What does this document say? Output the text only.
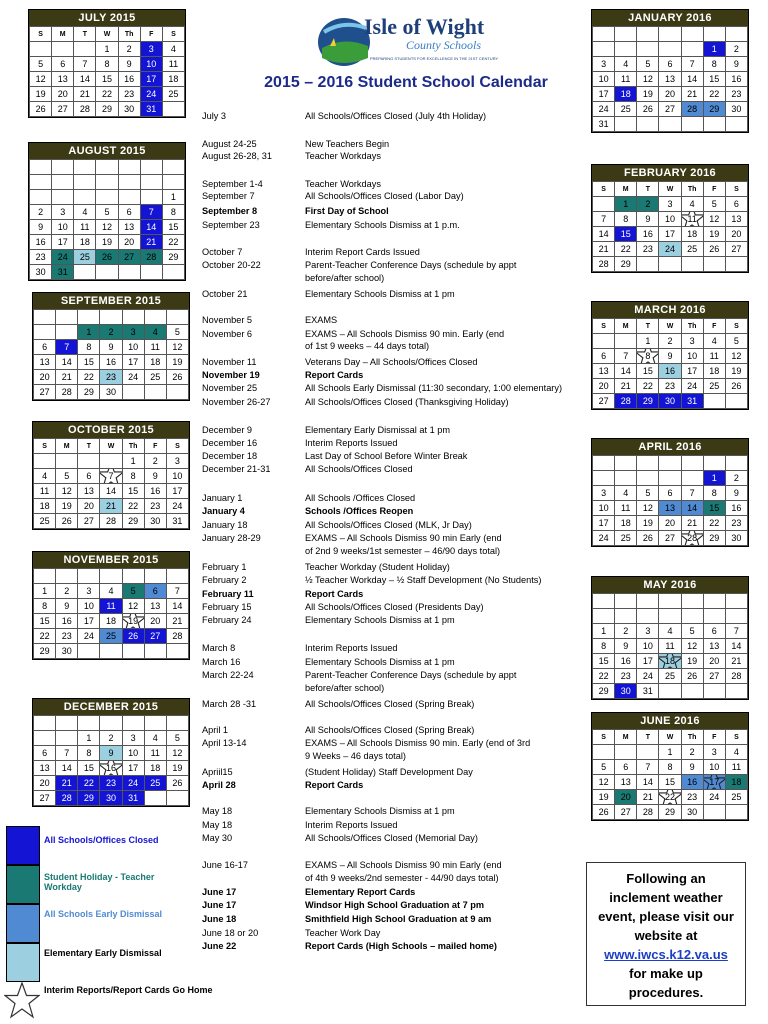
JULY 2015
S	M	T	W	Th	F	S
			1	2	3	4
5	6	7	8	9	10	11
12	13	14	15	16	17	18
19	20	21	22	23	24	25
26	27	28	29	30	31	
AUGUST 2015

						1
2	3	4	5	6	7	8
9	10	11	12	13	14	15
16	17	18	19	20	21	22
23	24	25	26	27	28	29
30	31					
SEPTEMBER 2015

		1	2	3	4	5
6	7	8	9	10	11	12
13	14	15	16	17	18	19
20	21	22	23	24	25	26
27	28	29	30			
OCTOBER 2015
S	M	T	W	Th	F	S
				1	2	3
4	5	6	7	8	9	10
11	12	13	14	15	16	17
18	19	20	21	22	23	24
25	26	27	28	29	30	31
NOVEMBER 2015

1	2	3	4	5	6	7
8	9	10	11	12	13	14
15	16	17	18	19	20	21
22	23	24	25	26	27	28
29	30					
DECEMBER 2015

		1	2	3	4	5
6	7	8	9	10	11	12
13	14	15	16	17	18	19
20	21	22	23	24	25	26
27	28	29	30	31		
JANUARY 2016

					1	2
3	4	5	6	7	8	9
10	11	12	13	14	15	16
17	18	19	20	21	22	23
24	25	26	27	28	29	30
31						
FEBRUARY 2016
S	M	T	W	Th	F	S
	1	2	3	4	5	6
7	8	9	10	11	12	13
14	15	16	17	18	19	20
21	22	23	24	25	26	27
28	29					
MARCH 2016
S	M	T	W	Th	F	S
		1	2	3	4	5
6	7	8	9	10	11	12
13	14	15	16	17	18	19
20	21	22	23	24	25	26
27	28	29	30	31		
APRIL 2016

					1	2
3	4	5	6	7	8	9
10	11	12	13	14	15	16
17	18	19	20	21	22	23
24	25	26	27	28	29	30
MAY 2016

1	2	3	4	5	6	7
8	9	10	11	12	13	14
15	16	17	18	19	20	21
22	23	24	25	26	27	28
29	30	31				
JUNE 2016
S	M	T	W	Th	F	S
			1	2	3	4
5	6	7	8	9	10	11
12	13	14	15	16	17	18
19	20	21	22	23	24	25
26	27	28	29	30		
Isle of Wight
County Schools
PREPARING STUDENTS FOR EXCELLENCE IN THE 21ST CENTURY
2015 – 2016 Student School Calendar
July 3	All Schools/Offices Closed (July 4th Holiday)
August 24-25	New Teachers Begin
August 26-28, 31	Teacher Workdays
September 1-4	Teacher Workdays
September 7	All Schools/Offices Closed (Labor Day)
September 8	First Day of School
September 23	Elementary Schools Dismiss at 1 p.m.
October 7	Interim Report Cards Issued
October 20-22	Parent-Teacher Conference Days (schedule by appt
before/after school)
October 21	Elementary Schools Dismiss at 1 pm
November 5	EXAMS
November 6	EXAMS – All Schools Dismiss 90 min. Early (end
of 1st 9 weeks – 44 days total)
November 11	Veterans Day – All Schools/Offices Closed
November 19	Report Cards
November 25	All Schools Early Dismissal (11:30 secondary, 1:00 elementary)
November 26-27	All Schools/Offices Closed (Thanksgiving Holiday)
December 9	Elementary Early Dismissal at 1 pm
December 16	Interim Reports Issued
December 18	Last Day of School Before Winter Break
December 21-31	All Schools/Offices Closed
January 1	All Schools /Offices Closed
January 4	Schools /Offices Reopen
January 18	All Schools/Offices Closed (MLK, Jr Day)
January 28-29	EXAMS – All Schools Dismiss 90 min Early (end
of 2nd 9 weeks/1st semester – 46/90 days total)
February 1	Teacher Workday (Student Holiday)
February 2	½ Teacher Workday – ½ Staff Development (No Students)
February 11	Report Cards
February 15	All Schools/Offices Closed (Presidents Day)
February 24	Elementary Schools Dismiss at 1 pm
March 8	Interim Reports Issued
March 16	Elementary Schools Dismiss at 1 pm
March 22-24	Parent-Teacher Conference Days (schedule by appt
before/after school)
March 28 -31	All Schools/Offices Closed (Spring Break)
April 1	All Schools/Offices Closed (Spring Break)
April 13-14	EXAMS – All Schools Dismiss 90 min. Early (end of 3rd
9 Weeks – 46 days total)
Apriil15	(Student Holiday) Staff Development Day
April 28	Report Cards
May 18	Elementary Schools Dismiss at 1 pm
May 18	Interim Reports Issued
May 30	All Schools/Offices Closed (Memorial Day)
June 16-17	EXAMS – All Schools Dismiss 90 min Early (end
of 4th 9 weeks/2nd semester - 44/90 days total)
June 17	Elementary Report Cards
June 17	Windsor High School Graduation at 7 pm
June 18	Smithfield High School Graduation at 9 am
June 18 or 20	Teacher Work Day
June 22	Report Cards (High Schools – mailed home)
All Schools/Offices Closed
Student Holiday - Teacher Workday
All Schools Early Dismissal
Elementary Early Dismissal
Interim Reports/Report Cards Go Home
Following an
inclement weather
event, please visit our
website at
www.iwcs.k12.va.us
for make up
procedures.
